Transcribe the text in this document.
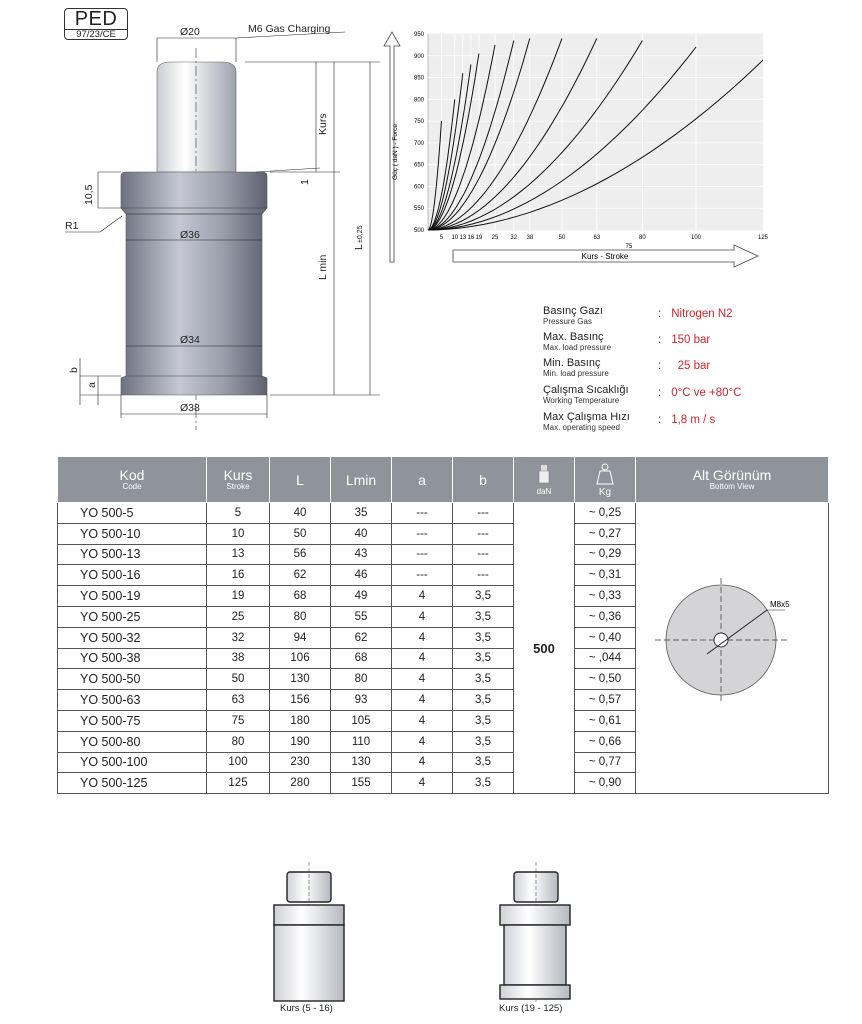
PED
97/23/CE	Ø20	M6 Gas Charging
Kurs
10,5
1
R1
Ø36
L min
L
±0,25
Ø34
b
a
Ø38
500
550
600
650
700
750
800
850
900
950
5 10 13 16 19 25 32 38	50	63	80	100	125
75
Güç ( daN ) - Force
Kurs - Stroke
Basınç Gazı
Pressure Gas
: Nitrogen N2
Max. Basınç
Max. load pressure
: 150 bar
Min. Basınç
Min. load pressure
:  25 bar
Çalışma Sıcaklığı
Working Temperature
: 0°C ve +80°C
Max Çalışma Hızı
Max. operating speed
: 1,8 m / s
Kod
Code	Kurs
Stroke	L	Lmin	a	b	daN	Kg	Alt Görünüm
Bottom View

YO 500-5	5	40	35	---	---	500	~ 0,25	
YO 500-10	10	50	40	---	---		~ 0,27	
YO 500-13	13	56	43	---	---		~ 0,29	
YO 500-16	16	62	46	---	---		~ 0,31	
YO 500-19	19	68	49	4	3,5		~ 0,33	
YO 500-25	25	80	55	4	3,5		~ 0,36	
YO 500-32	32	94	62	4	3,5		~ 0,40	
YO 500-38	38	106	68	4	3,5		~ ,044	
YO 500-50	50	130	80	4	3,5		~ 0,50	
YO 500-63	63	156	93	4	3,5		~ 0,57	
YO 500-75	75	180	105	4	3,5		~ 0,61	
YO 500-80	80	190	110	4	3,5		~ 0,66	
YO 500-100	100	230	130	4	3,5		~ 0,77	
YO 500-125	125	280	155	4	3,5		~ 0,90	
M8x5
Kurs (5 - 16)	Kurs (19 - 125)
